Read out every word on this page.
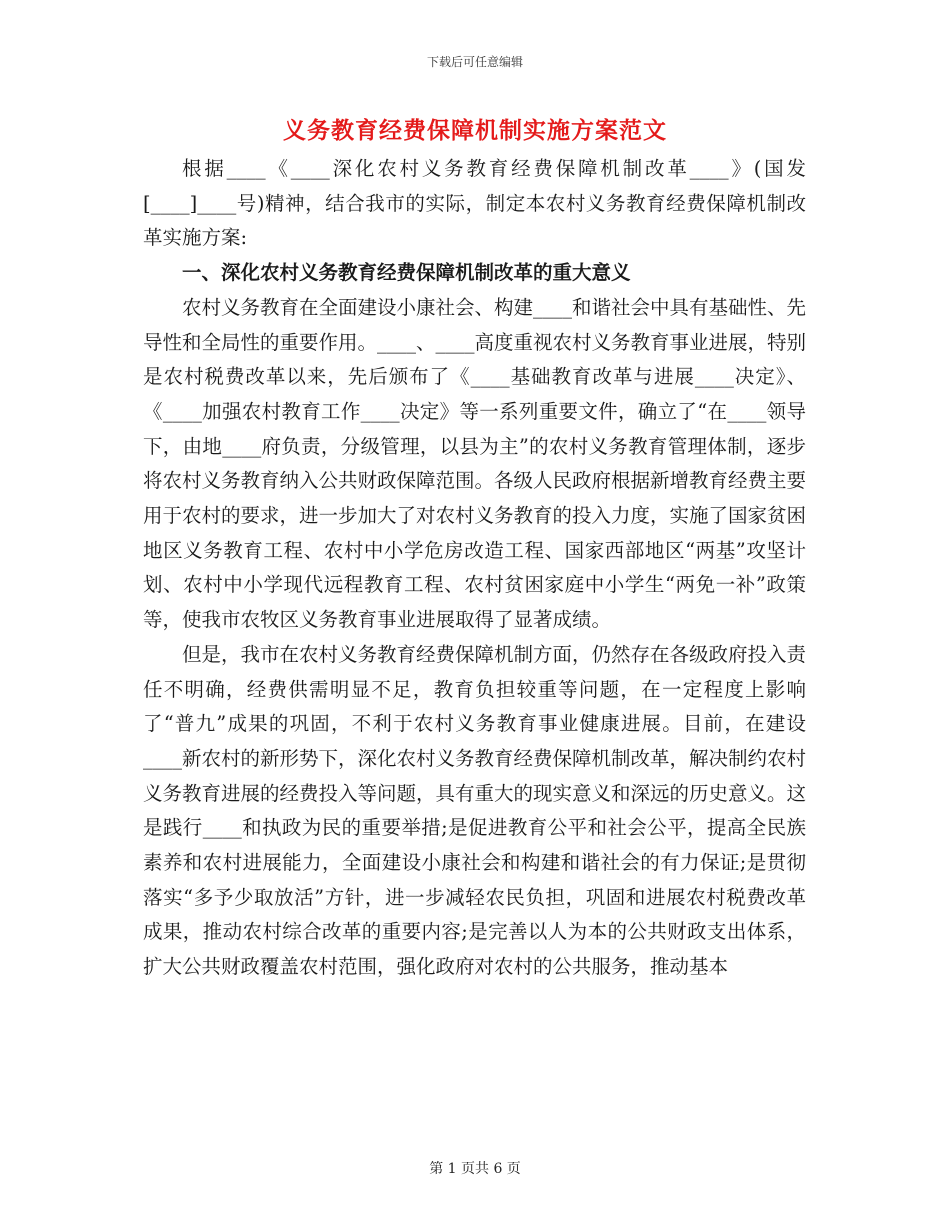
下载后可任意编辑
义务教育经费保障机制实施方案范文

根据____《____深化农村义务教育经费保障机制改革____》(国发[____]____号)精神，结合我市的实际，制定本农村义务教育经费保障机制改革实施方案:

一、深化农村义务教育经费保障机制改革的重大意义

农村义务教育在全面建设小康社会、构建____和谐社会中具有基础性、先导性和全局性的重要作用。____、____高度重视农村义务教育事业进展，特别是农村税费改革以来，先后颁布了《____基础教育改革与进展____决定》、《____加强农村教育工作____决定》等一系列重要文件，确立了“在____领导下，由地____府负责，分级管理，以县为主”的农村义务教育管理体制，逐步将农村义务教育纳入公共财政保障范围。各级人民政府根据新增教育经费主要用于农村的要求，进一步加大了对农村义务教育的投入力度，实施了国家贫困地区义务教育工程、农村中小学危房改造工程、国家西部地区“两基”攻坚计划、农村中小学现代远程教育工程、农村贫困家庭中小学生“两免一补”政策等，使我市农牧区义务教育事业进展取得了显著成绩。

但是，我市在农村义务教育经费保障机制方面，仍然存在各级政府投入责任不明确，经费供需明显不足，教育负担较重等问题，在一定程度上影响了“普九”成果的巩固，不利于农村义务教育事业健康进展。目前，在建设____新农村的新形势下，深化农村义务教育经费保障机制改革，解决制约农村义务教育进展的经费投入等问题，具有重大的现实意义和深远的历史意义。这是践行____和执政为民的重要举措;是促进教育公平和社会公平，提高全民族素养和农村进展能力，全面建设小康社会和构建和谐社会的有力保证;是贯彻落实“多予少取放活”方针，进一步减轻农民负担，巩固和进展农村税费改革成果，推动农村综合改革的重要内容;是完善以人为本的公共财政支出体系，扩大公共财政覆盖农村范围，强化政府对农村的公共服务，推动基本

第 1 页共 6 页
